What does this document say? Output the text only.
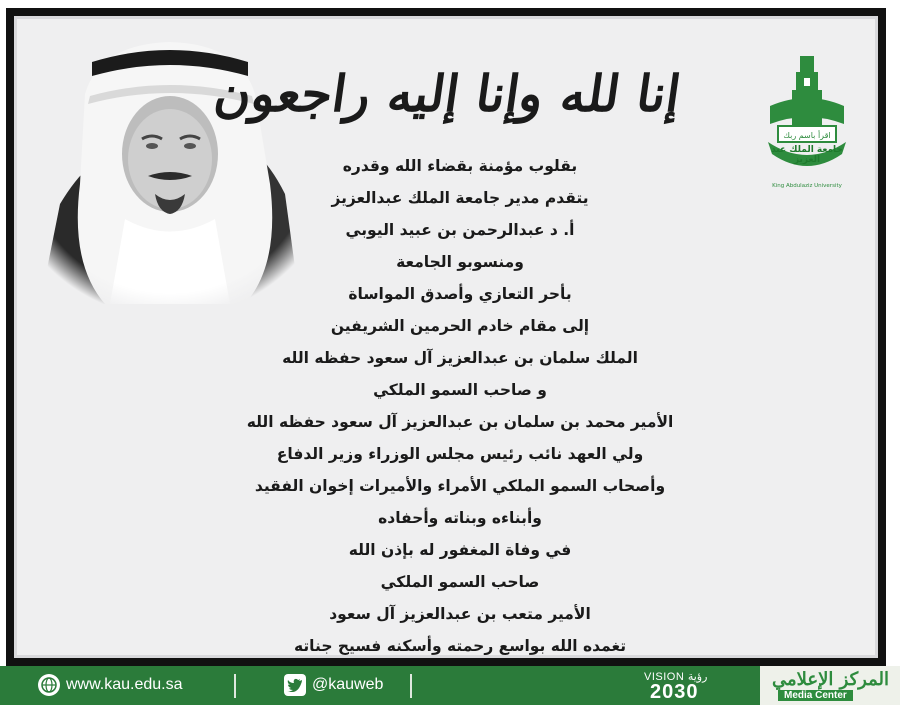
إنا لله وإنا إليه راجعون
اقرأ باسم ربك
King Abdulaziz University
جامعة الملك عبد العزيز
بقلوب مؤمنة بقضاء الله وقدره
يتقدم مدير جامعة الملك عبدالعزيز
أ. د عبدالرحمن بن عبيد اليوبي
ومنسوبو الجامعة
بأحر التعازي وأصدق المواساة
إلى مقام خادم الحرمين الشريفين
الملك سلمان بن عبدالعزيز آل سعود حفظه الله
و صاحب السمو الملكي
الأمير محمد بن سلمان بن عبدالعزيز آل سعود حفظه الله
ولي العهد نائب رئيس مجلس الوزراء وزير الدفاع
وأصحاب السمو الملكي الأمراء والأميرات إخوان الفقيد
وأبناءه وبناته وأحفاده
في وفاة المغفور له بإذن الله
صاحب السمو الملكي
الأمير متعب بن عبدالعزيز آل سعود
تغمده الله بواسع رحمته وأسكنه فسيح جناته
www.kau.edu.sa	@kauweb	VISION رؤية
2030
المركز الإعلامي
Media Center
